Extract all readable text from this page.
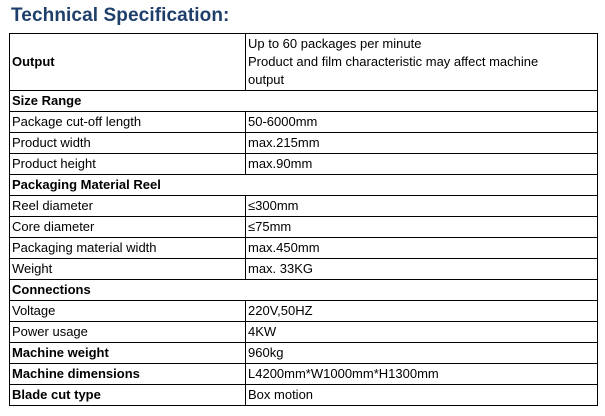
Technical Specification:
Output	Up to 60 packages per minute
Product and film characteristic may affect machine
output

Size Range	
Package cut-off length	50-6000mm
Product width	max.215mm
Product height	max.90mm
Packaging Material Reel	
Reel diameter	≤300mm
Core diameter	≤75mm
Packaging material width	max.450mm
Weight	max. 33KG
Connections	
Voltage	220V,50HZ
Power usage	4KW
Machine weight	960kg
Machine dimensions	L4200mm*W1000mm*H1300mm
Blade cut type	Box motion
